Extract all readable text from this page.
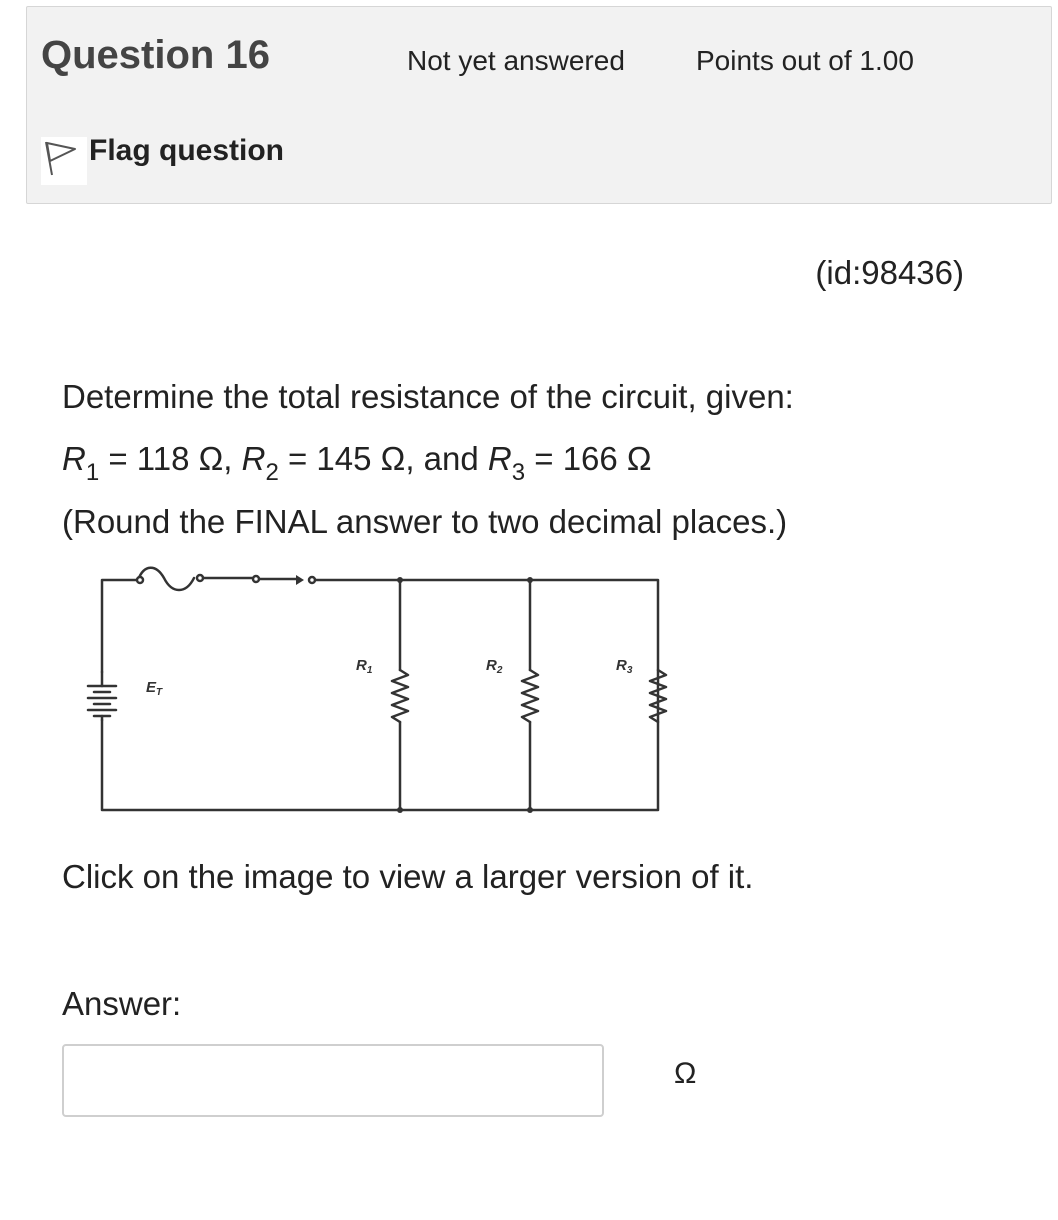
Question 16	Not yet answered	Points out of 1.00
Flag question
(id:98436)
Determine the total resistance of the circuit, given:
$R_1 = 118$ Ω, $R_2 = 145$ Ω, and $R_3 = 166$ Ω
(Round the FINAL answer to two decimal places.)
$E_T$
$R_1$	$R_2$	$R_3$
Click on the image to view a larger version of it.
Answer:
Ω
